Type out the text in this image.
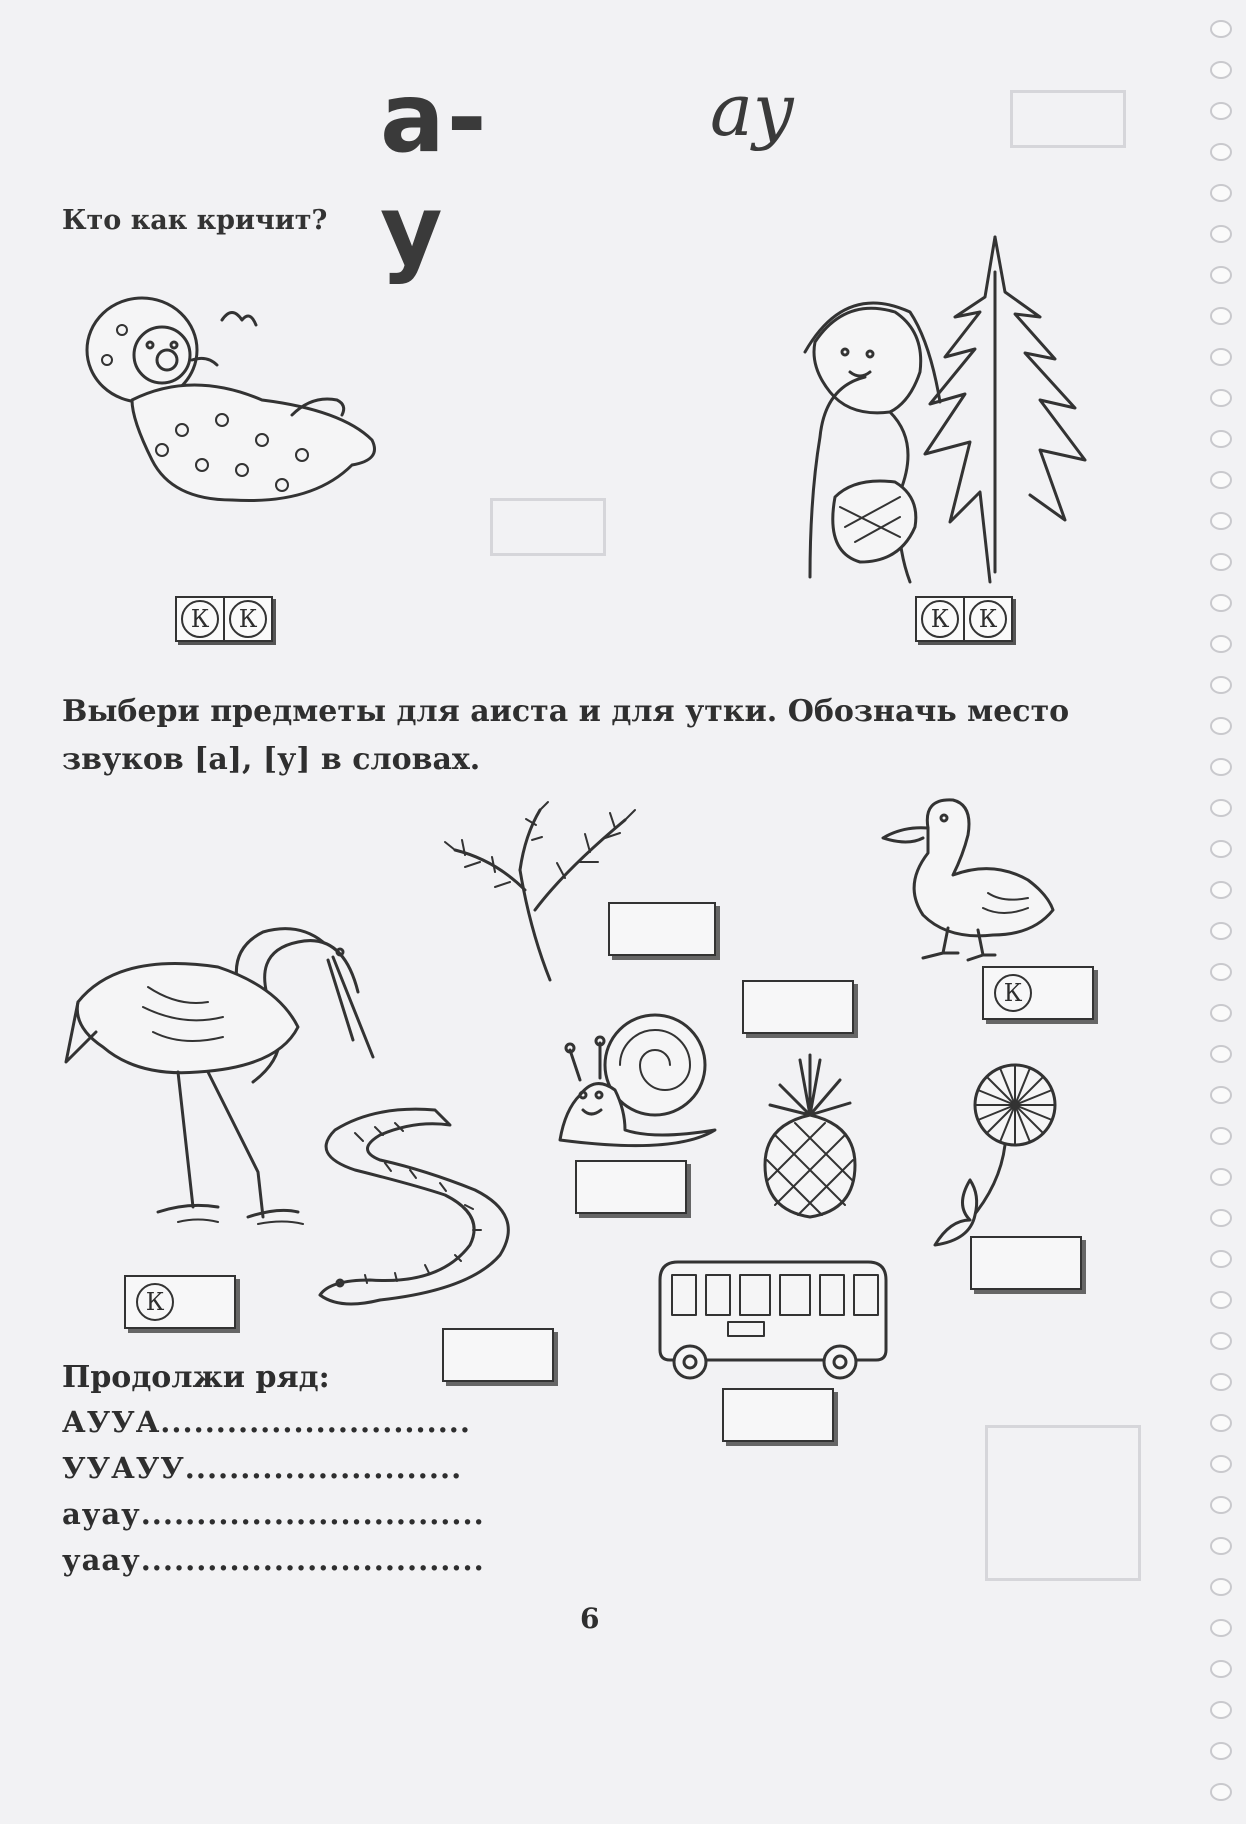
а-у
ау
Кто как кричит?
К	К	К	К
Выбери предметы для аиста и для утки. Обозначь место звуков [а], [у] в словах.
К
К
Продолжи ряд:
АУУА............................
УУАУУ.........................
ауау...............................
уаау...............................
6
